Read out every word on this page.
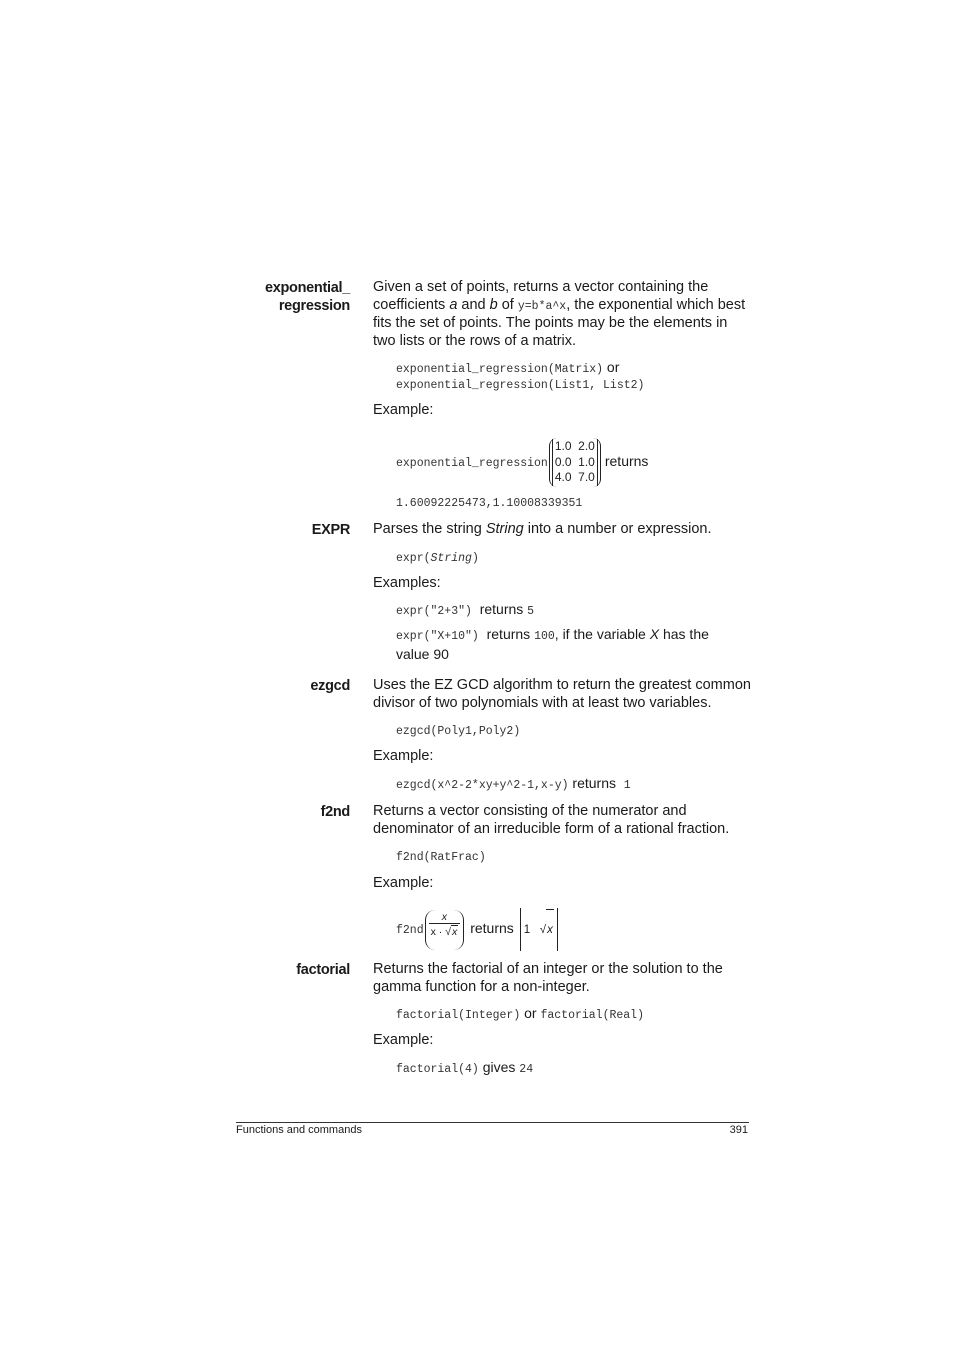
exponential_
regression
Given a set of points, returns a vector containing the coefficients a and b of y=b*a^x, the exponential which best fits the set of points. The points may be the elements in two lists or the rows of a matrix.
exponential_regression(Matrix) or
exponential_regression(List1, List2)
Example:
exponential_regression
1.0  2.0
0.0  1.0
4.0  7.0
returns
1.60092225473,1.10008339351
EXPR Parses the string String into a number or expression.
expr(String)
Examples:
expr("2+3") returns 5
expr("X+10") returns 100, if the variable X has the
value 90
ezgcd Uses the EZ GCD algorithm to return the greatest common divisor of two polynomials with at least two variables.
ezgcd(Poly1,Poly2)
Example:
ezgcd(x^2-2*xy+y^2-1,x-y) returns 1
f2nd Returns a vector consisting of the numerator and denominator of an irreducible form of a rational fraction.
f2nd(RatFrac)
Example:
$f2nd \frac{x}{x \cdot √x}$ returns 1   √x
factorial Returns the factorial of an integer or the solution to the gamma function for a non-integer.
factorial(Integer) or factorial(Real)
Example:
factorial(4) gives 24
Functions and commands	391
